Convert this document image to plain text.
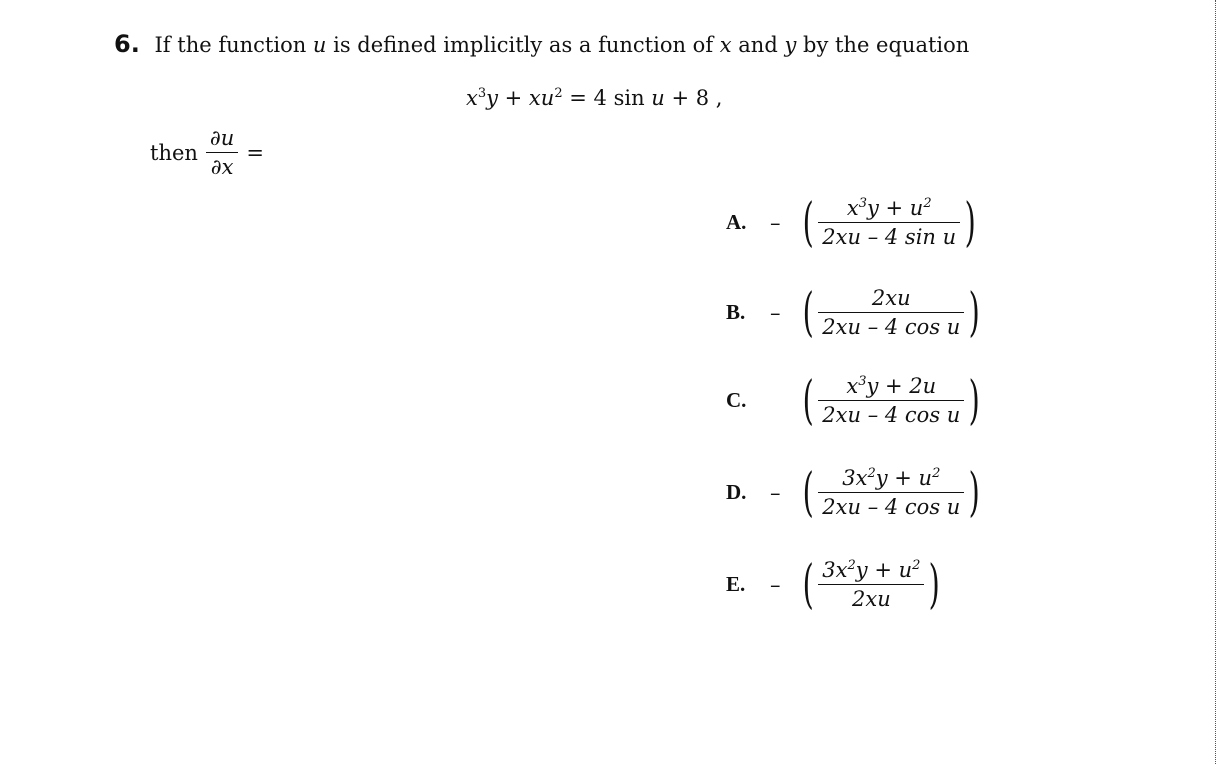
6. If the function u is defined implicitly as a function of x and y by the equation
$x^3y + xu^2 = 4$ sin u + 8 ,
then $\frac{\partial u}{\partial x}$ =
A.	– ( $\frac{x^3y + u^2}{\text{2xu – 4 sin u}}$ )
B.	– ( $\frac{2xu}{\text{2xu – 4 cos u}}$ )
C.	( $\frac{x^3y + 2u}{\text{2xu – 4 cos u}}$ )
D.	– ( $\frac{3x^2y + u^2}{\text{2xu – 4 cos u}}$ )
E.	– ( $\frac{3x^2y + u^2}{2xu}$ )
